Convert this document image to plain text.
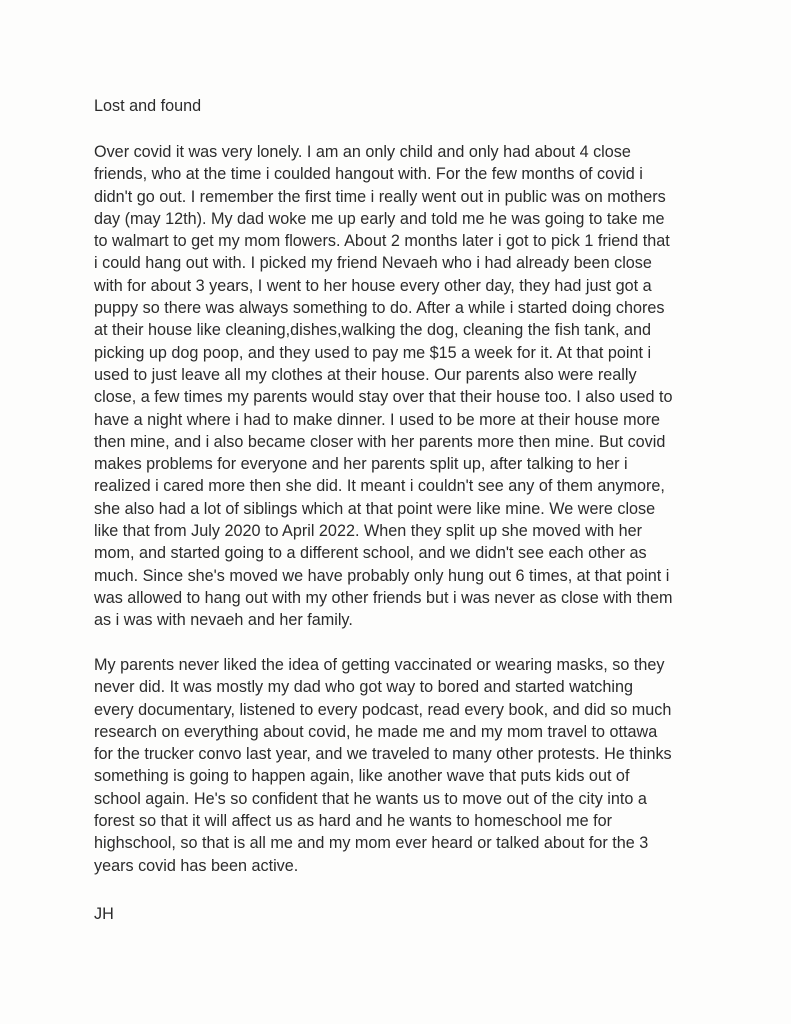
Lost and found
Over covid it was very lonely. I am an only child and only had about 4 close
friends, who at the time i coulded hangout with. For the few months of covid i
didn't go out. I remember the first time i really went out in public was on mothers
day (may 12th). My dad woke me up early and told me he was going to take me
to walmart to get my mom flowers. About 2 months later i got to pick 1 friend that
i could hang out with. I picked my friend Nevaeh who i had already been close
with for about 3 years, I went to her house every other day, they had just got a
puppy so there was always something to do. After a while i started doing chores
at their house like cleaning,dishes,walking the dog, cleaning the fish tank, and
picking up dog poop, and they used to pay me $15 a week for it. At that point i
used to just leave all my clothes at their house. Our parents also were really
close, a few times my parents would stay over that their house too. I also used to
have a night where i had to make dinner. I used to be more at their house more
then mine, and i also became closer with her parents more then mine. But covid
makes problems for everyone and her parents split up, after talking to her i
realized i cared more then she did. It meant i couldn't see any of them anymore,
she also had a lot of siblings which at that point were like mine. We were close
like that from July 2020 to April 2022. When they split up she moved with her
mom, and started going to a different school, and we didn't see each other as
much. Since she's moved we have probably only hung out 6 times, at that point i
was allowed to hang out with my other friends but i was never as close with them
as i was with nevaeh and her family.
My parents never liked the idea of getting vaccinated or wearing masks, so they
never did. It was mostly my dad who got way to bored and started watching
every documentary, listened to every podcast, read every book, and did so much
research on everything about covid, he made me and my mom travel to ottawa
for the trucker convo last year, and we traveled to many other protests. He thinks
something is going to happen again, like another wave that puts kids out of
school again. He's so confident that he wants us to move out of the city into a
forest so that it will affect us as hard and he wants to homeschool me for
highschool, so that is all me and my mom ever heard or talked about for the 3
years covid has been active.
JH
